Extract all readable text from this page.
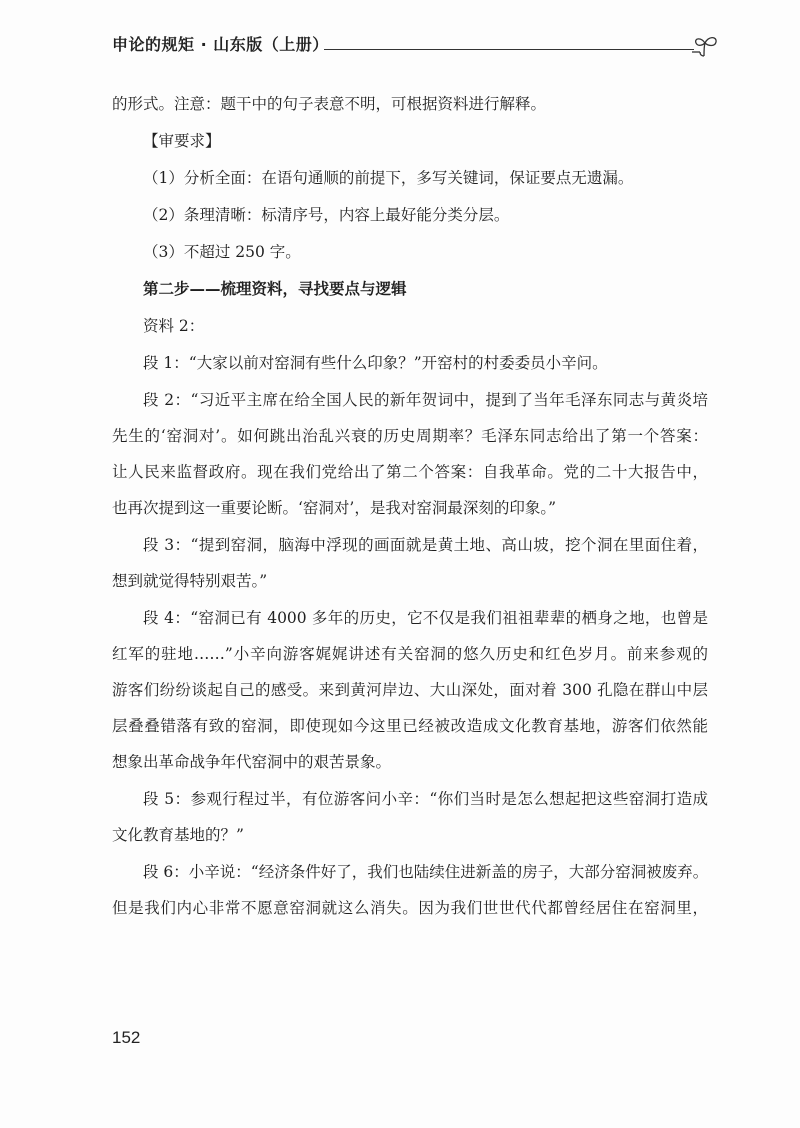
申论的规矩 · 山东版（上册）

的形式。注意：题干中的句子表意不明，可根据资料进行解释。

【审要求】

（1）分析全面：在语句通顺的前提下，多写关键词，保证要点无遗漏。

（2）条理清晰：标清序号，内容上最好能分类分层。

（3）不超过 250 字。

第二步——梳理资料，寻找要点与逻辑

资料 2：

段 1：“大家以前对窑洞有些什么印象？”开窑村的村委委员小辛问。

段 2：“习近平主席在给全国人民的新年贺词中，提到了当年毛泽东同志与黄炎培

先生的‘窑洞对’。如何跳出治乱兴衰的历史周期率？毛泽东同志给出了第一个答案：

让人民来监督政府。现在我们党给出了第二个答案：自我革命。党的二十大报告中，

也再次提到这一重要论断。‘窑洞对’，是我对窑洞最深刻的印象。”

段 3：“提到窑洞，脑海中浮现的画面就是黄土地、高山坡，挖个洞在里面住着，

想到就觉得特别艰苦。”

段 4：“窑洞已有 4000 多年的历史，它不仅是我们祖祖辈辈的栖身之地，也曾是

红军的驻地……”小辛向游客娓娓讲述有关窑洞的悠久历史和红色岁月。前来参观的

游客们纷纷谈起自己的感受。来到黄河岸边、大山深处，面对着 300 孔隐在群山中层

层叠叠错落有致的窑洞，即使现如今这里已经被改造成文化教育基地，游客们依然能

想象出革命战争年代窑洞中的艰苦景象。

段 5：参观行程过半，有位游客问小辛：“你们当时是怎么想起把这些窑洞打造成

文化教育基地的？”

段 6：小辛说：“经济条件好了，我们也陆续住进新盖的房子，大部分窑洞被废弃。

但是我们内心非常不愿意窑洞就这么消失。因为我们世世代代都曾经居住在窑洞里，

152
